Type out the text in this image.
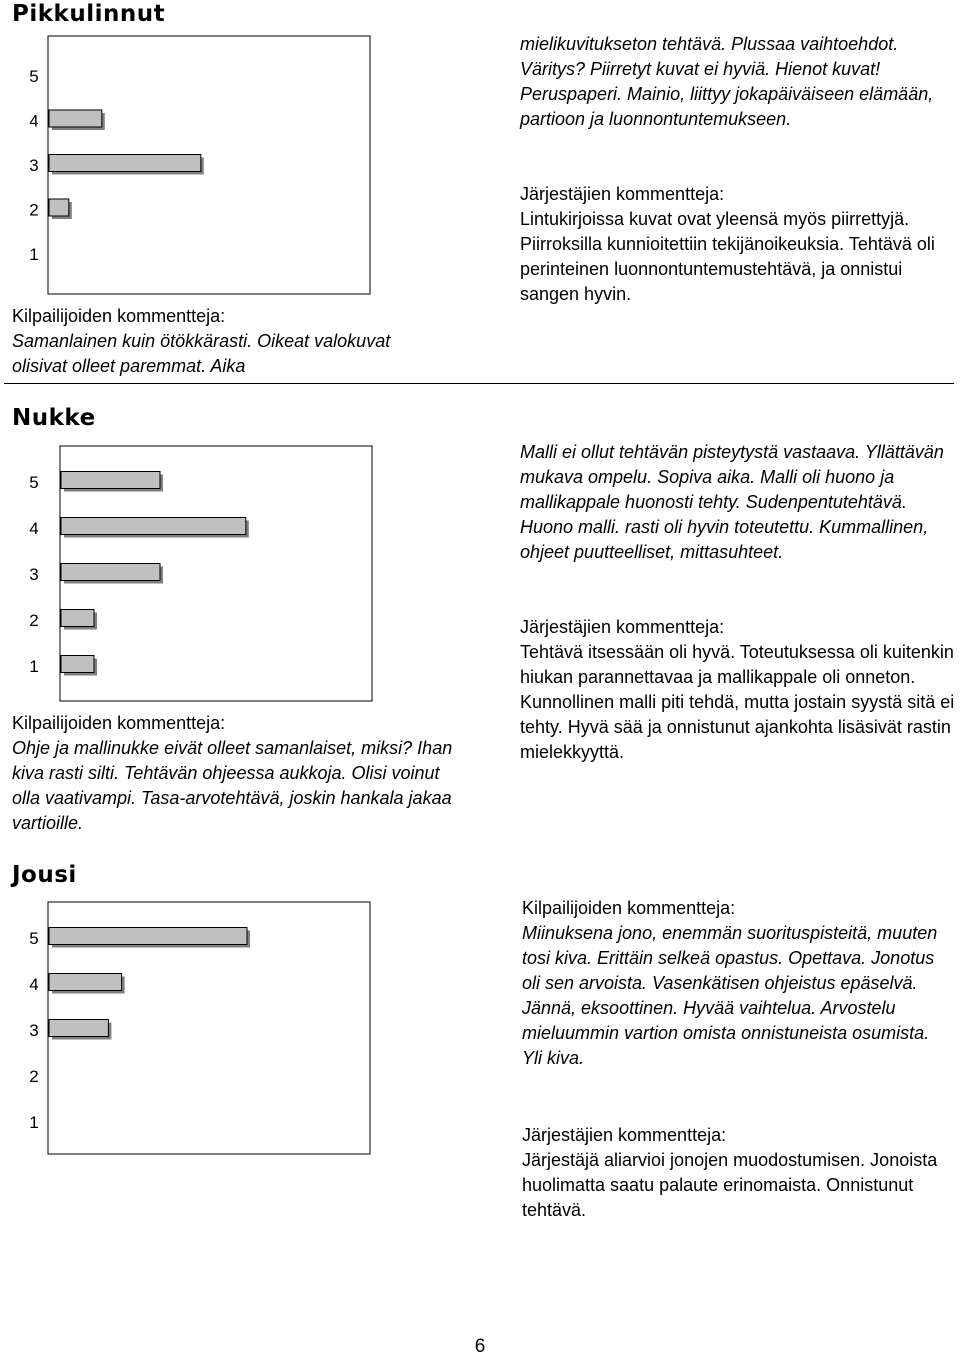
Pikkulinnut
5
4
3
2
1

Kilpailijoiden kommentteja:
Samanlainen kuin ötökkärasti. Oikeat valokuvat olisivat olleet paremmat. Aika

mielikuvitukseton tehtävä. Plussaa vaihtoehdot. Väritys? Piirretyt kuvat ei hyviä. Hienot kuvat! Peruspaperi. Mainio, liittyy jokapäiväiseen elämään, partioon ja luonnontuntemukseen.

Järjestäjien kommentteja:
Lintukirjoissa kuvat ovat yleensä myös piirrettyjä. Piirroksilla kunnioitettiin tekijänoikeuksia. Tehtävä oli perinteinen luonnontuntemustehtävä, ja onnistui sangen hyvin.

Nukke
5
4
3
2
1

Kilpailijoiden kommentteja:
Ohje ja mallinukke eivät olleet samanlaiset, miksi? Ihan kiva rasti silti. Tehtävän ohjeessa aukkoja. Olisi voinut olla vaativampi. Tasa-arvotehtävä, joskin hankala jakaa vartioille.

Malli ei ollut tehtävän pisteytystä vastaava. Yllättävän mukava ompelu. Sopiva aika. Malli oli huono ja mallikappale huonosti tehty. Sudenpentutehtävä. Huono malli. rasti oli hyvin toteutettu. Kummallinen, ohjeet puutteelliset, mittasuhteet.

Järjestäjien kommentteja:
Tehtävä itsessään oli hyvä. Toteutuksessa oli kuitenkin hiukan parannettavaa ja mallikappale oli onneton. Kunnollinen malli piti tehdä, mutta jostain syystä sitä ei tehty. Hyvä sää ja onnistunut ajankohta lisäsivät rastin mielekkyyttä.

Jousi
5
4
3
2
1

Kilpailijoiden kommentteja:
Miinuksena jono, enemmän suorituspisteitä, muuten tosi kiva. Erittäin selkeä opastus. Opettava. Jonotus oli sen arvoista. Vasenkätisen ohjeistus epäselvä. Jännä, eksoottinen. Hyvää vaihtelua. Arvostelu mieluummin vartion omista onnistuneista osumista. Yli kiva.

Järjestäjien kommentteja:
Järjestäjä aliarvioi jonojen muodostumisen. Jonoista huolimatta saatu palaute erinomaista. Onnistunut tehtävä.

6
